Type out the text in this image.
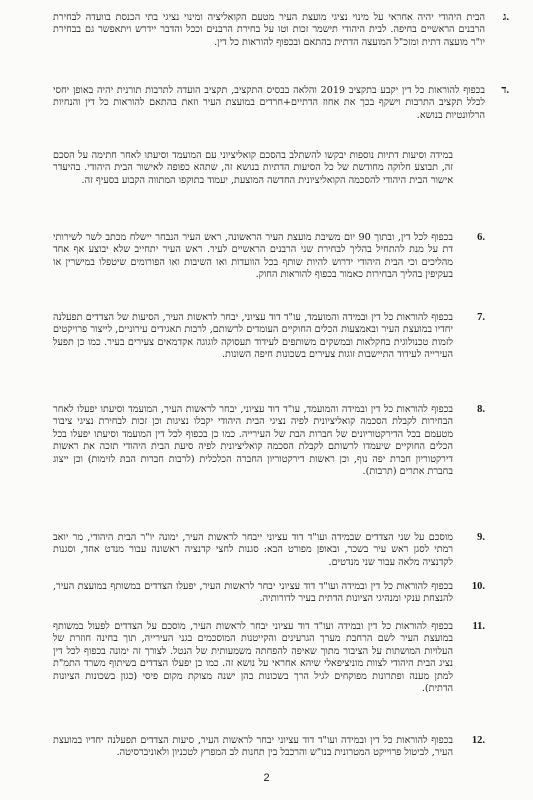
ג.
הבית היהודי יהיה אחראי על מינוי נציגי מועצת העיר מטעם הקואליציה ומינוי נציגי בתי הכנסת בוועדה לבחירת הרבנים הראשיים בחיפה. לבית היהודי תישמר זכות וטו על בחירת הרבנים וככל והדבר יידרש ויתאפשר גם בבחירת יו"ר מועצה דתית ומזכ"ל המועצה הדתית בהתאם ובכפוף להוראות כל דין.
ד.
בכפוף להוראות כל דין יקבע בתקציב 2019 והלאה בבסיס התקציב, תקציב הועדה לתרבות תורנית יהיה באופן יחסי לכלל תקציב התרבות וישקף בכך את אחוז הדתיים+חרדים במועצת העיר וזאת בהתאם להוראות כל דין והנחיות הרלוונטיות בנושא.
במידה וסיעות דתיות נוספות יבקשו להשתלב בהסכם קואליציוני עם המועמד וסיעתו לאחר חתימה על הסכם זה, תבוצע חלוקה מחודשת של כל הסיעות הדתיות בנושא זה, שתהא כפופה לאישור הבית היהודי. בהיעדר אישור הבית היהודי להסכמה הקואליציונית החדשה המוצעת, יעמוד בתוקפו המתווה הקבוע בסעיף זה.
6.
בכפוף לכל דין, ובתוך 90 יום משיבת מועצת העיר הראשונה, ראש העיר הנבחר יישלח מכתב לשר לשירותי דת על מנת להתחיל בהליך לבחירת שני הרבנים הראשיים לעיר. ראש העיר יתחייב שלא יבוצע אף אחד מהליכים וכי הבית היהודי ידרוש להיות שותף בכל הוועדות ואו השיבות ואו הפורומים שיטפלו במישרין או בעקיפין בהליך הבחירות כאמור בכפוף להוראות החוק.
7.
בכפוף להוראות כל דין ובמידה והמועמד, עו"ד דוד עציוני, יבחר לראשות העיר, הסיעות של הצדדים תפעלנה יחדיו במועצת העיר ובאמצעות הכלים החוקיים העומדים לרשותם, לרבות תאגידים עירוניים, לייצור פרויקטים לזמות טכנולוגית בחקלאות ובמשקים משותפים לעידוד תעסוקה לוגוגה אקדמאים צעירים בעיר. כמו כן תפעל העירייה לעידוד התיישבות זוגות צעירים בשכונות חיפה השונות.
8.
בכפוף להוראות כל דין ובמידה והמועמד, עו"ד דוד עציוני, יבחר לראשות העיר, המועמד וסיעתו יפעלו לאחר הבחירות לקבלת הסכמה קואליציונית לפיה נציגי הבית היהודי יקבלו נציגות וכן זכות לבחירת נציגי ציבור מטעמם בכל הדירקטוריונים של חברות הבת של העירייה. כמו כן בכפוף לכל דין המועמד וסיעתו יפעלו בכל הכלים החוקיים שיעמדו לרשותם לקבלת הסכמה קואליציונית לפיה סיעת הבית היהודי תזכה את ראשות דירקטוריון חברת יפה נוף, וכן ראשות דירקטוריון החברה הכלכלית (לרבות חברות הבת לזימות) וכן ייצוג בחברת אתרים (תרבות).
9.
מוסכם על שני הצדדים שבמידה ועו"ד דוד עציוני ייבחר לראשות העיר, ימונה יו"ר הבית היהודי, מר יואב רמתי לסגן ראש עיר בשכר, ובאופן מפורט הבא: סגנות לחצי קדנציה ראשונה עבור מנדט אחד, וסגנות לקדנציה מלאה עבור שני מנדטים.
10.
בכפוף להוראות כל דין ובמידה ועו"ד דוד עציוני יבחר לראשות העיר, יפעלו הצדדים במשותף במועצת העיר, להנצחת ענקי ומנהיגי הציונות הדתית בעיר לדורותיה.
11.
בכפוף להוראות כל דין ובמידה ועו"ד דוד עציוני יבחר לראשות העיר, מוסכם על הצדדים לפעול במשותף במועצת העיר לשם הרחבת מערך הגרעינים והקייטנות המוסכמים בגני העירייה, תוך בחינה חוזרת של העלויות המושתות על הציבור מתוך שאיפה להפחתה משמעותית של הנטל. לצורך זה ימונה בכפוף לכל דין נציג הבית היהודי לצוות מוניציפאלי שיהא אחראי על נושא זה. כמו כן יפעלו הצדדים בשיתוף משרד התמ"ת למתן מענה ופתרונות מפוקחים לגיל הרך בשכונות בהן ישנה מצוקת מקום פיסי (כגון בשכונות הציונות הדתית).
12.
בכפוף להוראות כל דין ובמידה ועו"ד דוד עציוני יבחר לראשות העיר, סיעות הצדדים תפעלנה יחדיו במועצת העיר, לביטול פרוייקט המטרונית בנו"ש והרכבל בין תחנות לב המפרץ לטכניון ולאוניברסיטה.
2
